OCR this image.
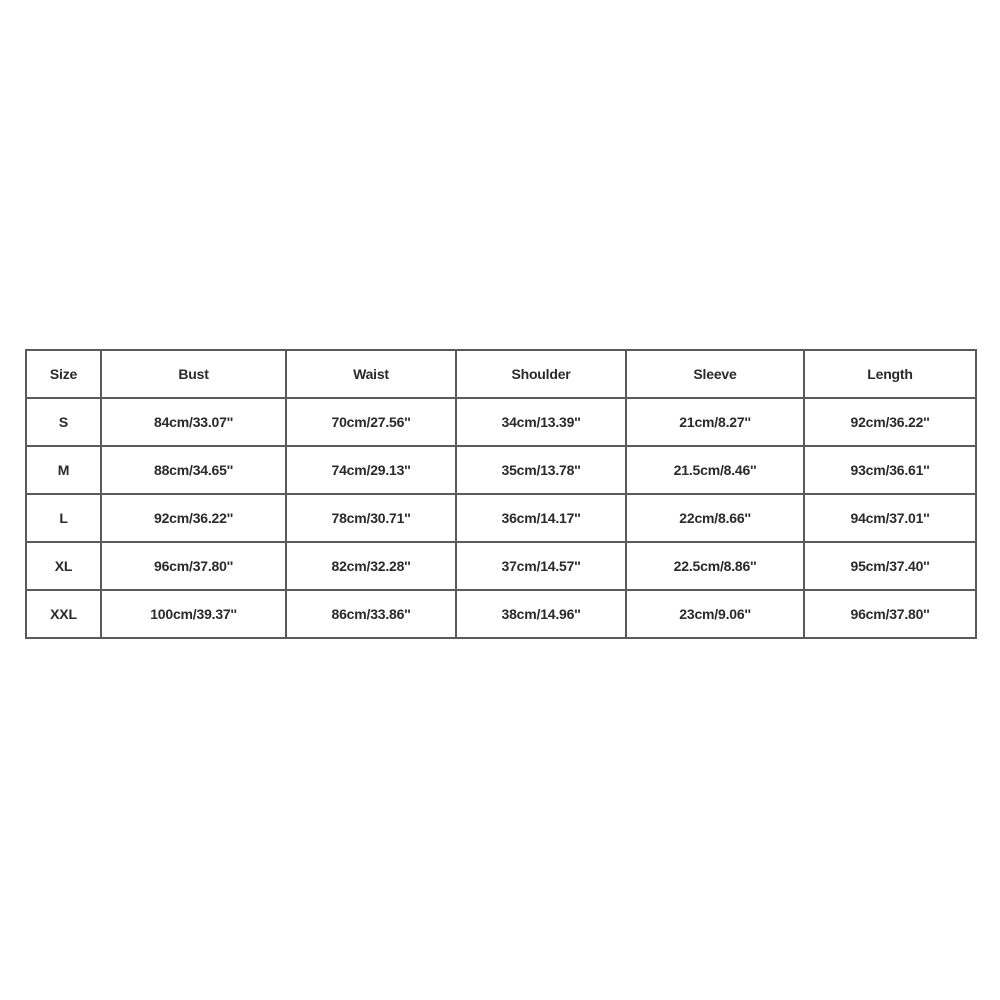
Size	Bust	Waist	Shoulder	Sleeve	Length
S	84cm/33.07''	70cm/27.56''	34cm/13.39''	21cm/8.27''	92cm/36.22''
M	88cm/34.65''	74cm/29.13''	35cm/13.78''	21.5cm/8.46''	93cm/36.61''
L	92cm/36.22''	78cm/30.71''	36cm/14.17''	22cm/8.66''	94cm/37.01''
XL	96cm/37.80''	82cm/32.28''	37cm/14.57''	22.5cm/8.86''	95cm/37.40''
XXL	100cm/39.37''	86cm/33.86''	38cm/14.96''	23cm/9.06''	96cm/37.80''
